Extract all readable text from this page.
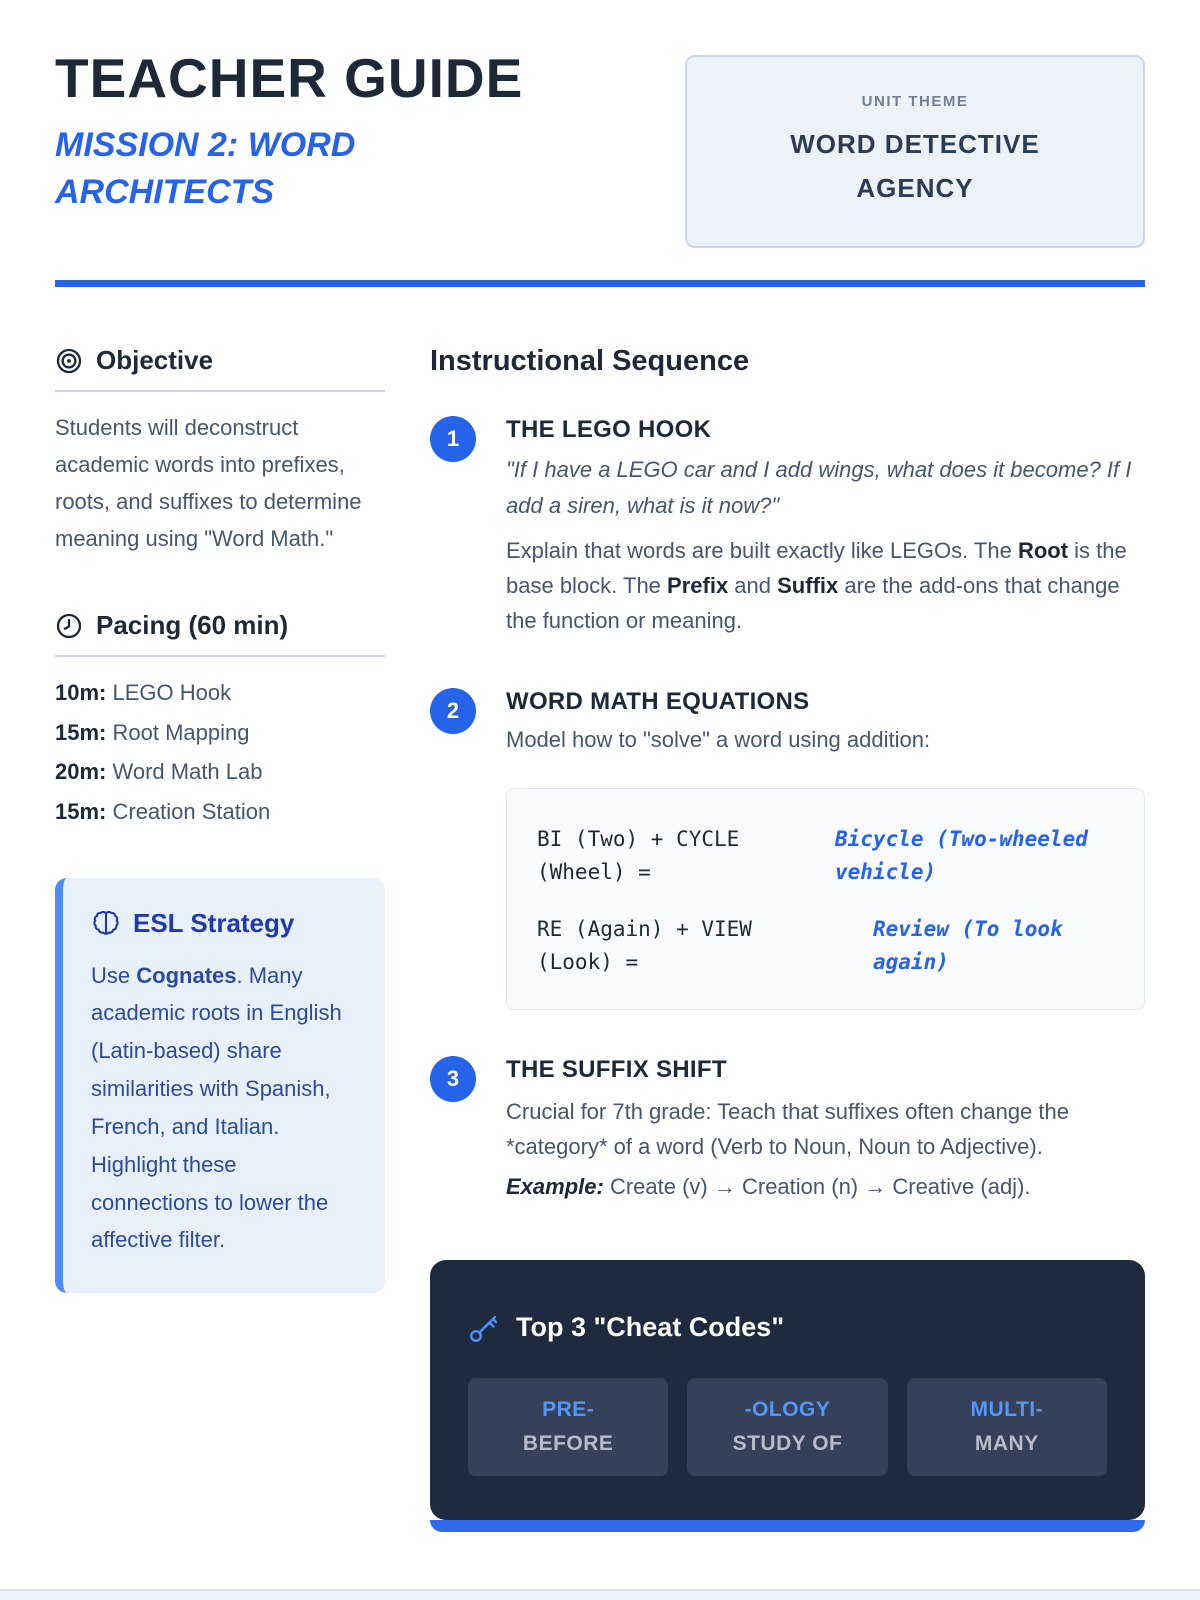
TEACHER GUIDE
MISSION 2: WORD ARCHITECTS
UNIT THEME
WORD DETECTIVE AGENCY
Objective

Students will deconstruct academic words into prefixes, roots, and suffixes to determine meaning using "Word Math."

Pacing (60 min)
10m: LEGO Hook
15m: Root Mapping
20m: Word Math Lab
15m: Creation Station
ESL Strategy

Use Cognates. Many academic roots in English (Latin-based) share similarities with Spanish, French, and Italian. Highlight these connections to lower the affective filter.

Instructional Sequence
1	THE LEGO HOOK
"If I have a LEGO car and I add wings, what does it become? If I add a siren, what is it now?"

Explain that words are built exactly like LEGOs. The Root is the base block. The Prefix and Suffix are the add-ons that change the function or meaning.

2	WORD MATH EQUATIONS
Model how to "solve" a word using addition:
BI (Two) + CYCLE (Wheel) =
Bicycle (Two-wheeled vehicle)
RE (Again) + VIEW (Look) =
Review (To look again)
3	THE SUFFIX SHIFT

Crucial for 7th grade: Teach that suffixes often change the *category* of a word (Verb to Noun, Noun to Adjective).

Example: Create (v) → Creation (n) → Creative (adj).
Top 3 "Cheat Codes"
PRE-
BEFORE
-OLOGY
STUDY OF
MULTI-
MANY
